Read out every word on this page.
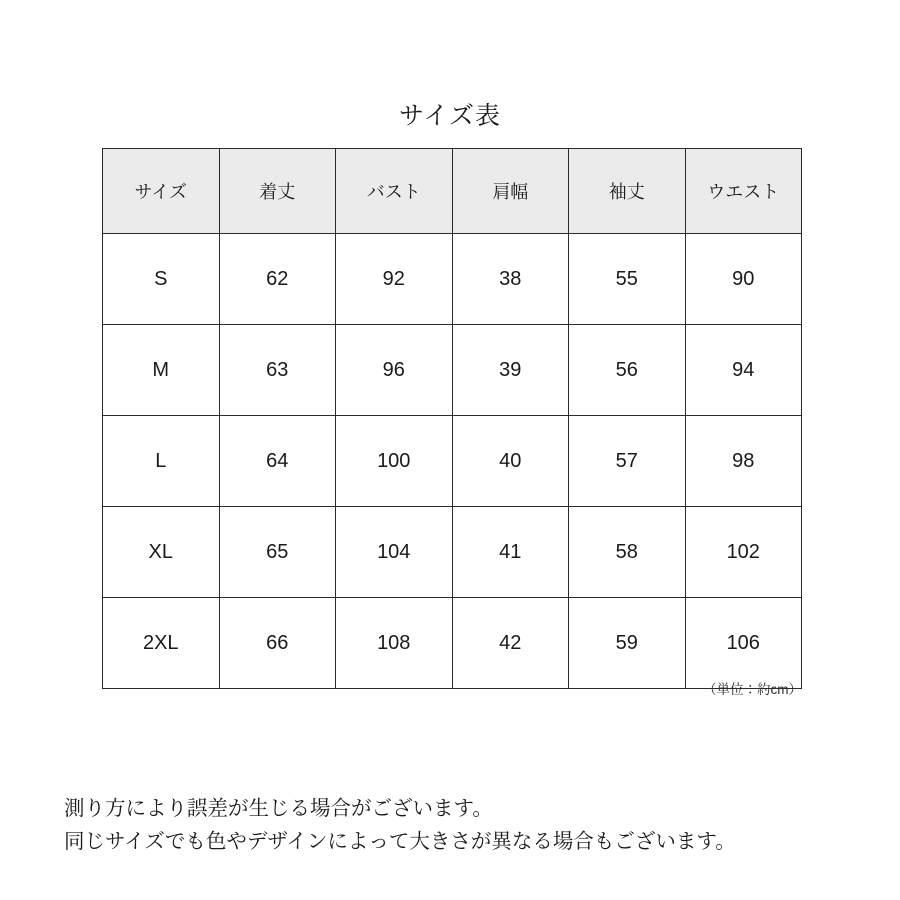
サイズ表
サイズ	着丈	バスト	肩幅	袖丈	ウエスト
S	62	92	38	55	90
M	63	96	39	56	94
L	64	100	40	57	98
XL	65	104	41	58	102
2XL	66	108	42	59	106
（単位：約cm）
測り方により誤差が生じる場合がございます。
同じサイズでも色やデザインによって大きさが異なる場合もございます。
